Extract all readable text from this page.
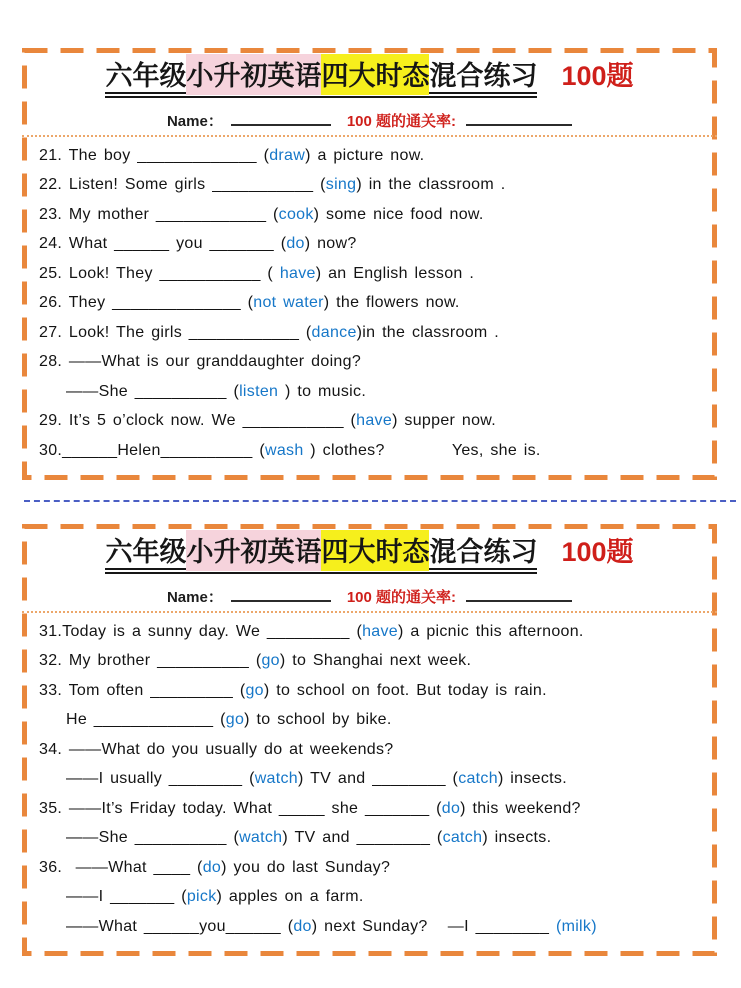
六年级小升初英语四大时态混合练习 100题
Name：	100 题的通关率:
21. The boy _____________ (draw) a picture now.
22. Listen! Some girls ___________ (sing) in the classroom .
23. My mother ____________ (cook) some nice food now.
24. What ______ you _______ (do) now?
25. Look! They ___________ ( have) an English lesson .
26. They ______________ (not water) the flowers now.
27. Look! The girls ____________ (dance)in the classroom .
28. ——What is our granddaughter doing?
——She __________ (listen ) to music.
29. It’s 5 o’clock now. We ___________ (have) supper now.
30.______Helen__________ (wash ) clothes?          Yes, she is.
六年级小升初英语四大时态混合练习 100题
Name：	100 题的通关率:
31.Today is a sunny day. We _________ (have) a picnic this afternoon.
32. My brother __________ (go) to Shanghai next week.
33. Tom often _________ (go) to school on foot. But today is rain.
He _____________ (go) to school by bike.
34. ——What do you usually do at weekends?
——I usually ________ (watch) TV and ________ (catch) insects.
35. ——It’s Friday today. What _____ she _______ (do) this weekend?
——She __________ (watch) TV and ________ (catch) insects.
36.  ——What ____ (do) you do last Sunday?
——I _______ (pick) apples on a farm.
——What ______you______ (do) next Sunday?   —I ________ (milk)
